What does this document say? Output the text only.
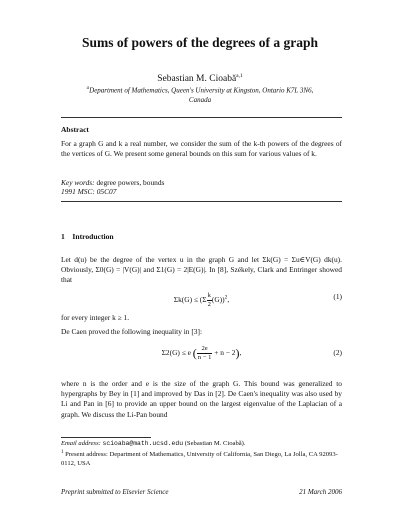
Sums of powers of the degrees of a graph
Sebastian M. Cioabă$^{a,1}$
$^a$Department of Mathematics, Queen's University at Kingston, Ontario K7L 3N6,
Canada
Abstract
For a graph G and k a real number, we consider the sum of the k-th powers of the degrees of the vertices of G. We present some general bounds on this sum for various values of k.
Key words: degree powers, bounds
1991 MSC: 05C07
1 Introduction
Let d(u) be the degree of the vertex u in the graph G and let Σk(G) = Σu∈V(G) dk(u). Obviously, Σ0(G) = |V(G)| and Σ1(G) = 2|E(G)|. In [8], Székely, Clark and Entringer showed that
$\Sigma k(G) \le (\Sigma \frac{k}{2} (G))^2$,	(1)
for every integer k ≥ 1.
De Caen proved the following inequality in [3]:
Σ2(G) ≤ e ( $\frac{2e}{n - 1} + n - 2$),	(2)
where n is the order and e is the size of the graph G. This bound was generalized to hypergraphs by Bey in [1] and improved by Das in [2]. De Caen's inequality was also used by Li and Pan in [6] to provide an upper bound on the largest eigenvalue of the Laplacian of a graph. We discuss the Li-Pan bound
Email address: scioaba@math.ucsd.edu (Sebastian M. Cioabă).
$^1$ Present address: Department of Mathematics, University of California, San Diego, La Jolla, CA 92093-0112, USA
Preprint submitted to Elsevier Science	21 March 2006
